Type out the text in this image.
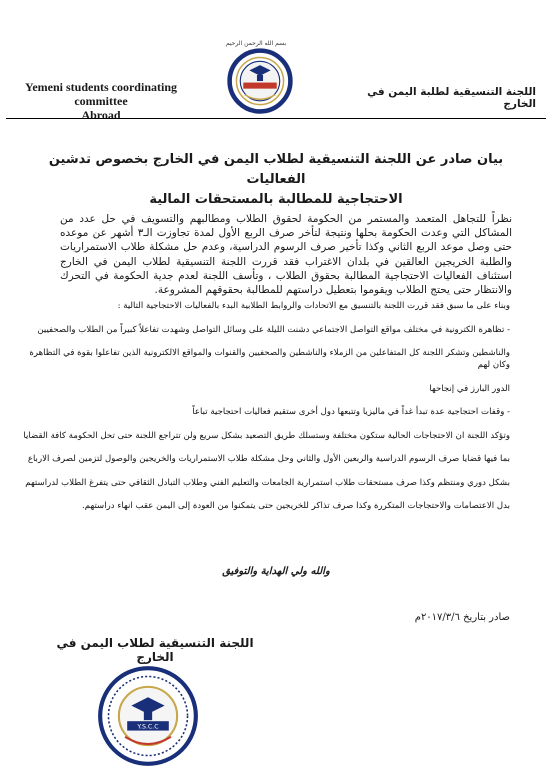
Yemeni students coordinating committee
Abroad
بسم الله الرحمن الرحيم
اللجنة التنسيقية لطلبة اليمن في الخارج
بيان صادر عن اللجنة التنسيقية لطلاب اليمن في الخارج بخصوص تدشين الفعاليات
الاحتجاجية للمطالبة بالمستحقات المالية
نظراً للتجاهل المتعمد والمستمر من الحكومة لحقوق الطلاب ومطالبهم والتسويف في حل عدد من المشاكل التي وعدت الحكومة بحلها ونتيجة لتأخر صرف الربع الأول لمدة تجاوزت الـ٣ أشهر عن موعده حتى وصل موعد الربع الثاني وكذا تأخير صرف الرسوم الدراسية، وعدم حل مشكلة طلاب الاستمراريات والطلبة الخريجين العالقين في بلدان الاغتراب فقد قررت اللجنة التنسيقية لطلاب اليمن في الخارج استئناف الفعاليات الاحتجاجية المطالبة بحقوق الطلاب ، وتأسف اللجنة لعدم جدية الحكومة في التحرك والانتظار حتى يحتج الطلاب ويقوموا بتعطيل دراستهم للمطالبة بحقوقهم المشروعة.

وبناء على ما سبق فقد قررت اللجنة بالتنسيق مع الاتحادات والروابط الطلابية البدء بالفعاليات الاحتجاجية التالية :

- تظاهرة الكترونية في مختلف مواقع التواصل الاجتماعي دشنت الليلة على وسائل التواصل وشهدت تفاعلاً كبيراً من الطلاب والصحفيين

والناشطين وتشكر اللجنة كل المتفاعلين من الزملاء والناشطين والصحفيين والقنوات والمواقع الالكترونية الذين تفاعلوا بقوة في التظاهرة وكان لهم

الدور البارز في إنجاحها

- وقفات احتجاجية عدة تبدأ غداً في ماليزيا وتتبعها دول أخرى ستقيم فعاليات احتجاجية تباعاً

وتؤكد اللجنة ان الاحتجاجات الحالية ستكون مختلفة وستسلك طريق التصعيد بشكل سريع ولن تتراجع اللجنة حتى تحل الحكومة كافة القضايا

بما فيها قضايا صرف الرسوم الدراسية والربعين الأول والثاني وحل مشكلة طلاب الاستمراريات والخريجين والوصول لتزمين لصرف الارباع

بشكل دوري ومنتظم وكذا صرف مستحقات طلاب استمرارية الجامعات والتعليم الفني وطلاب التبادل الثقافي حتى يتفرغ الطلاب لدراستهم

بدل الاعتصامات والاحتجاجات المتكررة وكذا صرف تذاكر للخريجين حتى يتمكنوا من العودة إلى اليمن عقب انهاء دراستهم.

والله ولي الهداية والتوفيق
صادر بتاريخ ٢٠١٧/٣/٦م
اللجنة التنسيقية لطلاب اليمن في الخارج
Y.S.C.C
